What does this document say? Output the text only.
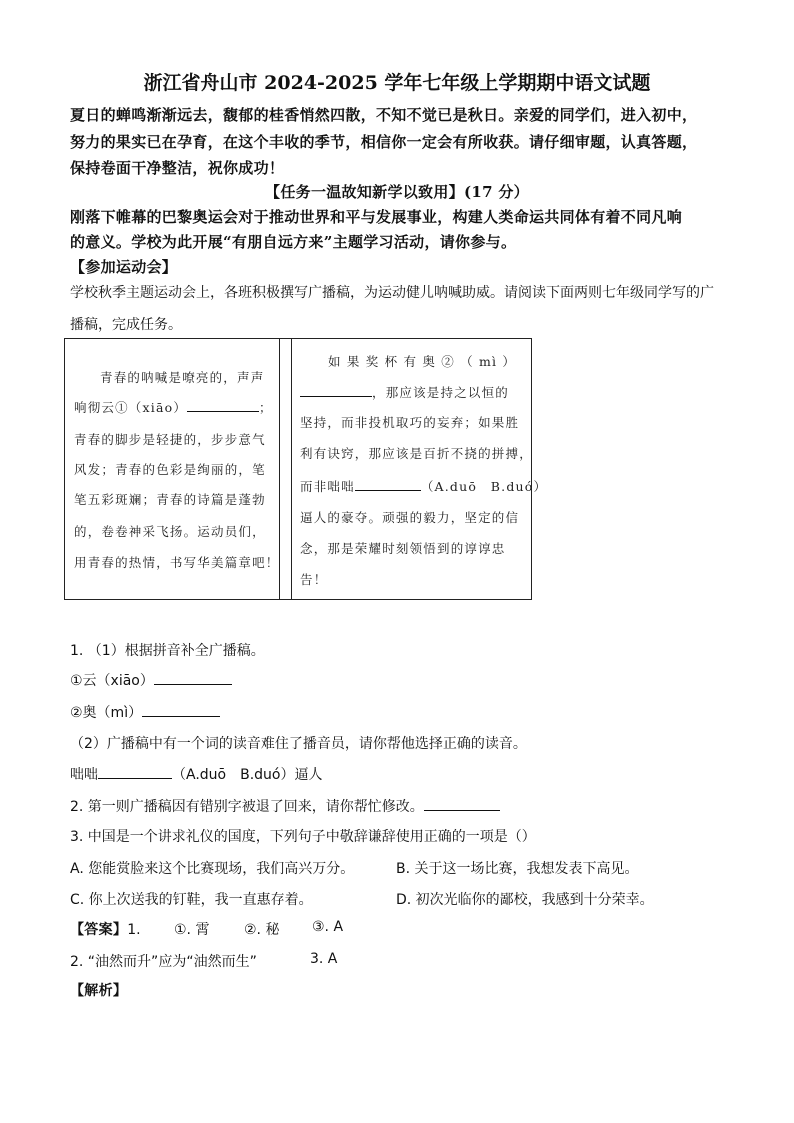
浙江省舟山市 2024-2025 学年七年级上学期期中语文试题
夏日的蝉鸣渐渐远去，馥郁的桂香悄然四散，不知不觉已是秋日。亲爱的同学们，进入初中，
努力的果实已在孕育，在这个丰收的季节，相信你一定会有所收获。请仔细审题，认真答题，
保持卷面干净整洁，祝你成功！
【任务一温故知新学以致用】(17 分）
刚落下帷幕的巴黎奥运会对于推动世界和平与发展事业，构建人类命运共同体有着不同凡响
的意义。学校为此开展“有朋自远方来”主题学习活动，请你参与。
【参加运动会】
学校秋季主题运动会上，各班积极撰写广播稿，为运动健儿呐喊助威。请阅读下面两则七年级同学写的广
播稿，完成任务。
青春的呐喊是嘹亮的，声声
响彻云①（xiāo）	；
青春的脚步是轻捷的，步步意气
风发；青春的色彩是绚丽的，笔
笔五彩斑斓；青春的诗篇是蓬勃
的，卷卷神采飞扬。运动员们，
用青春的热情，书写华美篇章吧！
如 果 奖 杯 有 奥 ② （ mì ）
，那应该是持之以恒的
坚持，而非投机取巧的妄弃；如果胜
利有诀窍，那应该是百折不挠的拼搏，
而非咄咄	（A.duō　B.duó）
逼人的豪夺。顽强的毅力，坚定的信
念，那是荣耀时刻领悟到的谆谆忠
告！
1. （1）根据拼音补全广播稿。
①云（xiāo）
②奥（mì）
（2）广播稿中有一个词的读音难住了播音员，请你帮他选择正确的读音。
咄咄	（A.duō　B.duó）逼人
2. 第一则广播稿因有错别字被退了回来，请你帮忙修改。
3. 中国是一个讲求礼仪的国度，下列句子中敬辞谦辞使用正确的一项是（）
A. 您能赏脸来这个比赛现场，我们高兴万分。	B. 关于这一场比赛，我想发表下高见。
C. 你上次送我的钉鞋，我一直惠存着。	D. 初次光临你的鄙校，我感到十分荣幸。
【答案】1. ①. 霄 ②. 秘 ③. A
2. “油然而升”应为“油然而生”	3. A
【解析】
